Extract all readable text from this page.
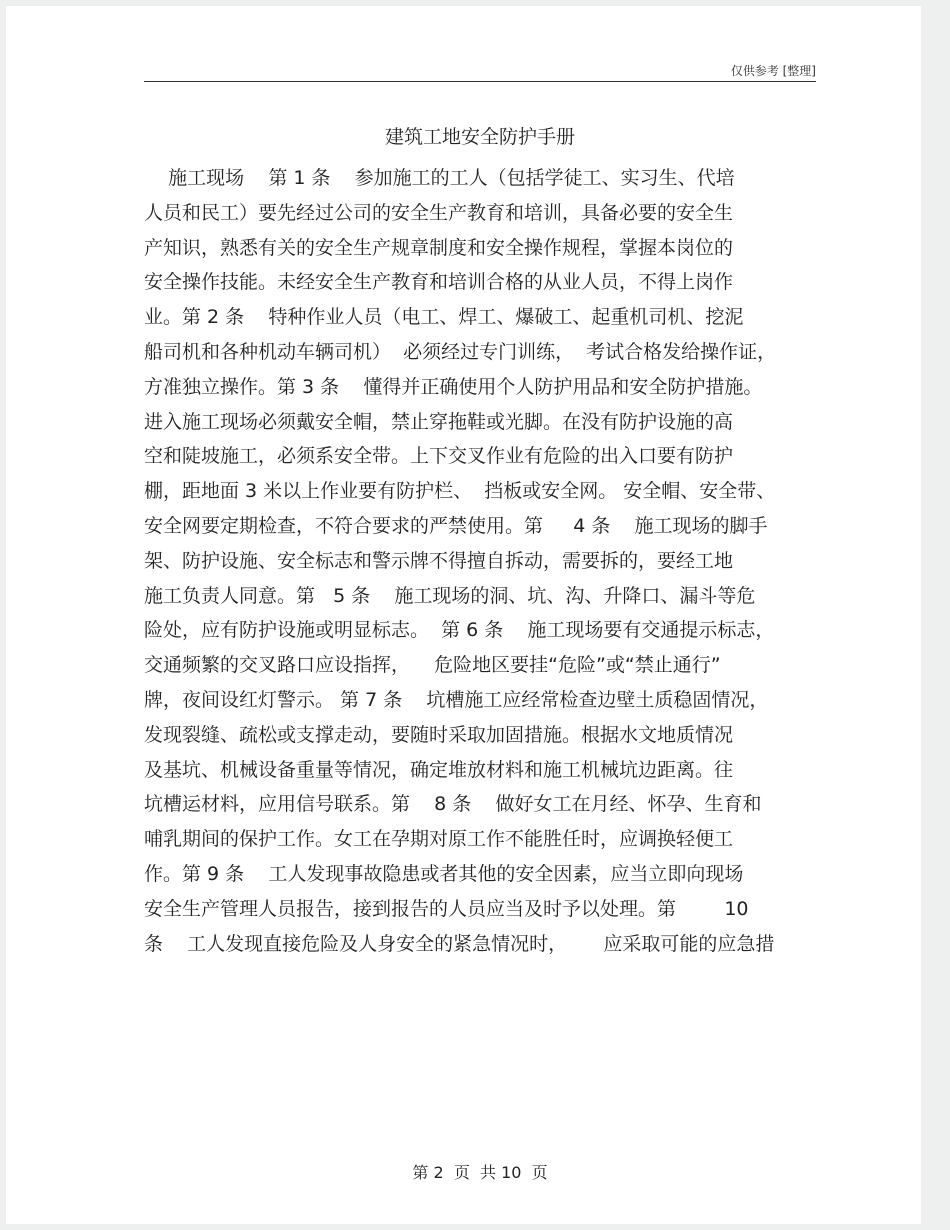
仅供参考 [整理]
建筑工地安全防护手册
施工现场    第 1 条    参加施工的工人（包括学徒工、实习生、代培
人员和民工）要先经过公司的安全生产教育和培训，具备必要的安全生
产知识，熟悉有关的安全生产规章制度和安全操作规程，掌握本岗位的
安全操作技能。未经安全生产教育和培训合格的从业人员，不得上岗作
业。第 2 条    特种作业人员（电工、焊工、爆破工、起重机司机、挖泥
船司机和各种机动车辆司机）  必须经过专门训练，  考试合格发给操作证，
方准独立操作。第 3 条    懂得并正确使用个人防护用品和安全防护措施。
进入施工现场必须戴安全帽，禁止穿拖鞋或光脚。在没有防护设施的高
空和陡坡施工，必须系安全带。上下交叉作业有危险的出入口要有防护
棚，距地面 3 米以上作业要有防护栏、  挡板或安全网。 安全帽、安全带、
安全网要定期检查，不符合要求的严禁使用。第     4 条    施工现场的脚手
架、防护设施、安全标志和警示牌不得擅自拆动，需要拆的，要经工地
施工负责人同意。第   5 条    施工现场的洞、坑、沟、升降口、漏斗等危
险处，应有防护设施或明显标志。  第 6 条    施工现场要有交通提示标志，
交通频繁的交叉路口应设指挥，    危险地区要挂“危险”或“禁止通行”
牌，夜间设红灯警示。 第 7 条    坑槽施工应经常检查边壁土质稳固情况，
发现裂缝、疏松或支撑走动，要随时采取加固措施。根据水文地质情况
及基坑、机械设备重量等情况，确定堆放材料和施工机械坑边距离。往
坑槽运材料，应用信号联系。第    8 条    做好女工在月经、怀孕、生育和
哺乳期间的保护工作。女工在孕期对原工作不能胜任时，应调换轻便工
作。第 9 条    工人发现事故隐患或者其他的安全因素，应当立即向现场
安全生产管理人员报告，接到报告的人员应当及时予以处理。第        10
条    工人发现直接危险及人身安全的紧急情况时，      应采取可能的应急措
第 2  页  共 10  页
